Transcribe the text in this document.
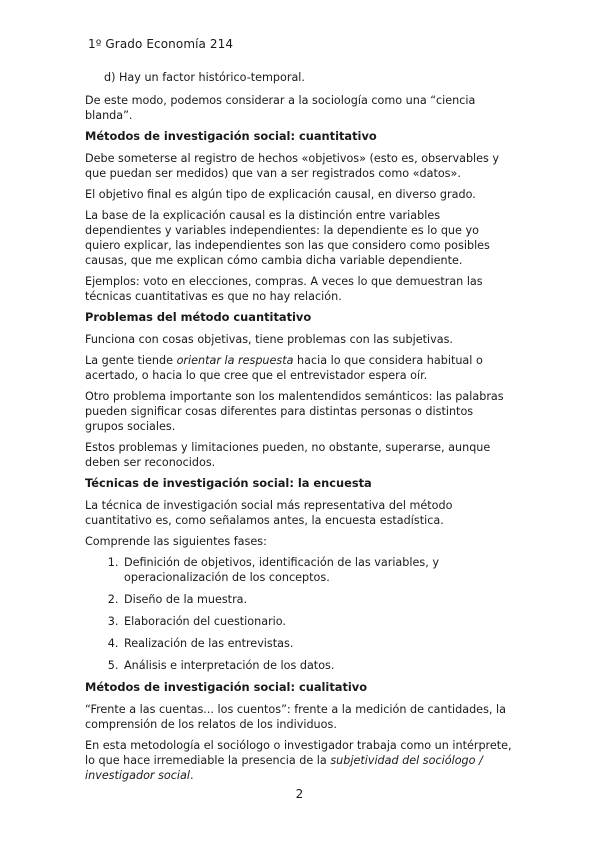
1º Grado Economía 214
d) Hay un factor histórico-temporal.

De este modo, podemos considerar a la sociología como una “ciencia blanda”.

Métodos de investigación social: cuantitativo

Debe someterse al registro de hechos «objetivos» (esto es, observables y que puedan ser medidos) que van a ser registrados como «datos».

El objetivo final es algún tipo de explicación causal, en diverso grado.

La base de la explicación causal es la distinción entre variables dependientes y variables independientes: la dependiente es lo que yo quiero explicar, las independientes son las que considero como posibles causas, que me explican cómo cambia dicha variable dependiente.

Ejemplos: voto en elecciones, compras. A veces lo que demuestran las técnicas cuantitativas es que no hay relación.

Problemas del método cuantitativo

Funciona con cosas objetivas, tiene problemas con las subjetivas.

La gente tiende orientar la respuesta hacia lo que considera habitual o acertado, o hacia lo que cree que el entrevistador espera oír.

Otro problema importante son los malentendidos semánticos: las palabras pueden significar cosas diferentes para distintas personas o distintos grupos sociales.

Estos problemas y limitaciones pueden, no obstante, superarse, aunque deben ser reconocidos.

Técnicas de investigación social: la encuesta

La técnica de investigación social más representativa del método cuantitativo es, como señalamos antes, la encuesta estadística.

Comprende las siguientes fases:

1. Definición de objetivos, identificación de las variables, y operacionalización de los conceptos.
2. Diseño de la muestra.
3. Elaboración del cuestionario.
4. Realización de las entrevistas.
5. Análisis e interpretación de los datos.
Métodos de investigación social: cualitativo

“Frente a las cuentas... los cuentos”: frente a la medición de cantidades, la comprensión de los relatos de los individuos.

En esta metodología el sociólogo o investigador trabaja como un intérprete, lo que hace irremediable la presencia de la subjetividad del sociólogo / investigador social.

2
